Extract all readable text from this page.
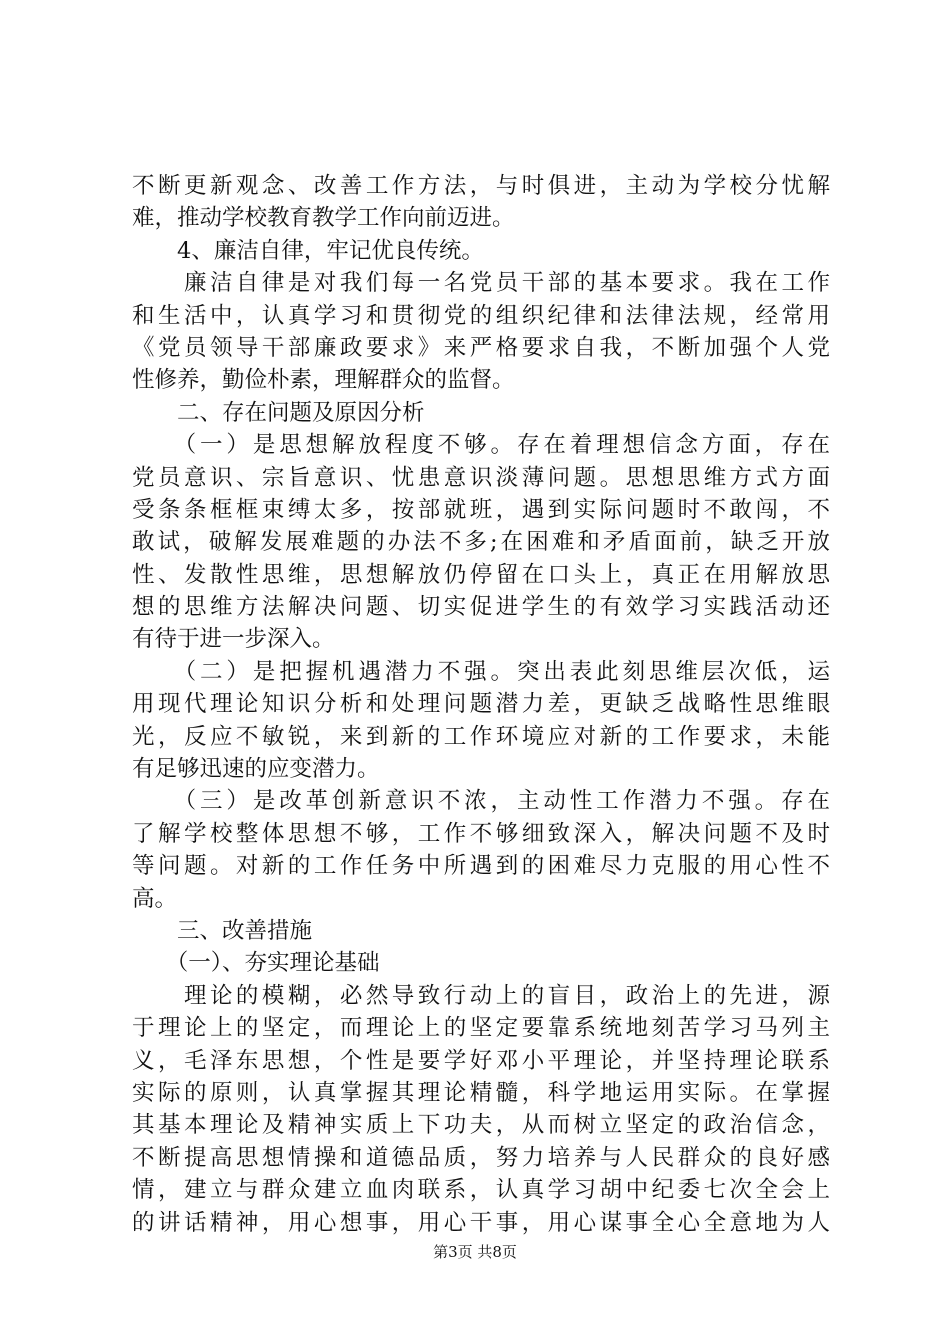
不断更新观念、改善工作方法，与时俱进，主动为学校分忧解
难，推动学校教育教学工作向前迈进。
　　4、廉洁自律，牢记优良传统。
　　廉洁自律是对我们每一名党员干部的基本要求。我在工作
和生活中，认真学习和贯彻党的组织纪律和法律法规，经常用
《党员领导干部廉政要求》来严格要求自我，不断加强个人党
性修养，勤俭朴素，理解群众的监督。
　　二、存在问题及原因分析
　　（一）是思想解放程度不够。存在着理想信念方面，存在
党员意识、宗旨意识、忧患意识淡薄问题。思想思维方式方面
受条条框框束缚太多，按部就班，遇到实际问题时不敢闯，不
敢试，破解发展难题的办法不多;在困难和矛盾面前，缺乏开放
性、发散性思维，思想解放仍停留在口头上，真正在用解放思
想的思维方法解决问题、切实促进学生的有效学习实践活动还
有待于进一步深入。
　　（二）是把握机遇潜力不强。突出表此刻思维层次低，运
用现代理论知识分析和处理问题潜力差，更缺乏战略性思维眼
光，反应不敏锐，来到新的工作环境应对新的工作要求，未能
有足够迅速的应变潜力。
　　（三）是改革创新意识不浓，主动性工作潜力不强。存在
了解学校整体思想不够，工作不够细致深入，解决问题不及时
等问题。对新的工作任务中所遇到的困难尽力克服的用心性不
高。
　　三、改善措施
　　（一）、夯实理论基础
　　理论的模糊，必然导致行动上的盲目，政治上的先进，源
于理论上的坚定，而理论上的坚定要靠系统地刻苦学习马列主
义，毛泽东思想，个性是要学好邓小平理论，并坚持理论联系
实际的原则，认真掌握其理论精髓，科学地运用实际。在掌握
其基本理论及精神实质上下功夫，从而树立坚定的政治信念，
不断提高思想情操和道德品质，努力培养与人民群众的良好感
情，建立与群众建立血肉联系，认真学习胡中纪委七次全会上
的讲话精神，用心想事，用心干事，用心谋事全心全意地为人
第3页 共8页
